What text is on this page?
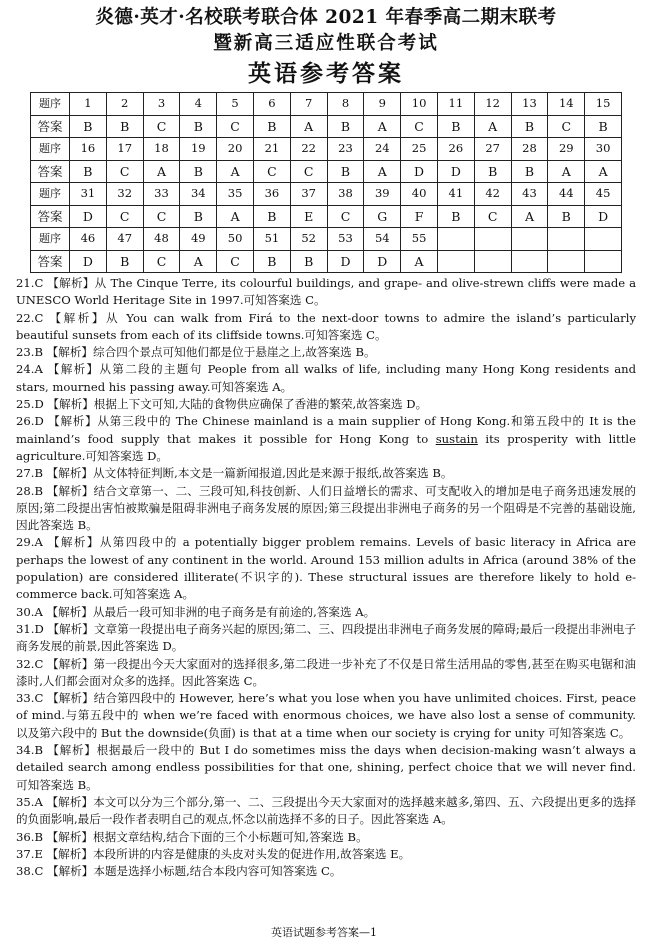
炎德·英才·名校联考联合体 2021 年春季高二期末联考
暨新高三适应性联合考试
英语参考答案
题序	1	2	3	4	5	6	7	8	9	10	11	12	13	14	15
答案	B	B	C	B	C	B	A	B	A	C	B	A	B	C	B
题序	16	17	18	19	20	21	22	23	24	25	26	27	28	29	30
答案	B	C	A	B	A	C	C	B	A	D	D	B	B	A	A
题序	31	32	33	34	35	36	37	38	39	40	41	42	43	44	45
答案	D	C	C	B	A	B	E	C	G	F	B	C	A	B	D
题序	46	47	48	49	50	51	52	53	54	55					
答案	D	B	C	A	C	B	B	D	D	A					

21.C 【解析】从 The Cinque Terre, its colourful buildings, and grape- and olive-strewn cliffs were made a UNESCO World Heritage Site in 1997.可知答案选 C。

22.C 【解析】从 You can walk from Firá to the next-door towns to admire the island’s particularly beautiful sunsets from each of its cliffside towns.可知答案选 C。

23.B 【解析】综合四个景点可知他们都是位于悬崖之上,故答案选 B。

24.A 【解析】从第二段的主题句 People from all walks of life, including many Hong Kong residents and stars, mourned his passing away.可知答案选 A。

25.D 【解析】根据上下文可知,大陆的食物供应确保了香港的繁荣,故答案选 D。

26.D 【解析】从第三段中的 The Chinese mainland is a main supplier of Hong Kong.和第五段中的 It is the mainland’s food supply that makes it possible for Hong Kong to sustain its prosperity with little agriculture.可知答案选 D。

27.B 【解析】从文体特征判断,本文是一篇新闻报道,因此是来源于报纸,故答案选 B。

28.B 【解析】结合文章第一、二、三段可知,科技创新、人们日益增长的需求、可支配收入的增加是电子商务迅速发展的原因;第二段提出害怕被欺骗是阻碍非洲电子商务发展的原因;第三段提出非洲电子商务的另一个阻碍是不完善的基础设施,因此答案选 B。

29.A 【解析】从第四段中的 a potentially bigger problem remains. Levels of basic literacy in Africa are perhaps the lowest of any continent in the world. Around 153 million adults in Africa (around 38% of the population) are considered illiterate(不识字的). These structural issues are therefore likely to hold e-commerce back.可知答案选 A。

30.A 【解析】从最后一段可知非洲的电子商务是有前途的,答案选 A。

31.D 【解析】文章第一段提出电子商务兴起的原因;第二、三、四段提出非洲电子商务发展的障碍;最后一段提出非洲电子商务发展的前景,因此答案选 D。

32.C 【解析】第一段提出今天大家面对的选择很多,第二段进一步补充了不仅是日常生活用品的零售,甚至在购买电锯和油漆时,人们都会面对众多的选择。因此答案选 C。

33.C 【解析】结合第四段中的 However, here’s what you lose when you have unlimited choices. First, peace of mind.与第五段中的 when we’re faced with enormous choices, we have also lost a sense of community. 以及第六段中的 But the downside(负面) is that at a time when our society is crying for unity 可知答案选 C。

34.B 【解析】根据最后一段中的 But I do sometimes miss the days when decision-making wasn’t always a detailed search among endless possibilities for that one, shining, perfect choice that we will never find.可知答案选 B。

35.A 【解析】本文可以分为三个部分,第一、二、三段提出今天大家面对的选择越来越多,第四、五、六段提出更多的选择的负面影响,最后一段作者表明自己的观点,怀念以前选择不多的日子。因此答案选 A。

36.B 【解析】根据文章结构,结合下面的三个小标题可知,答案选 B。

37.E 【解析】本段所讲的内容是健康的头皮对头发的促进作用,故答案选 E。

38.C 【解析】本题是选择小标题,结合本段内容可知答案选 C。

英语试题参考答案—1
